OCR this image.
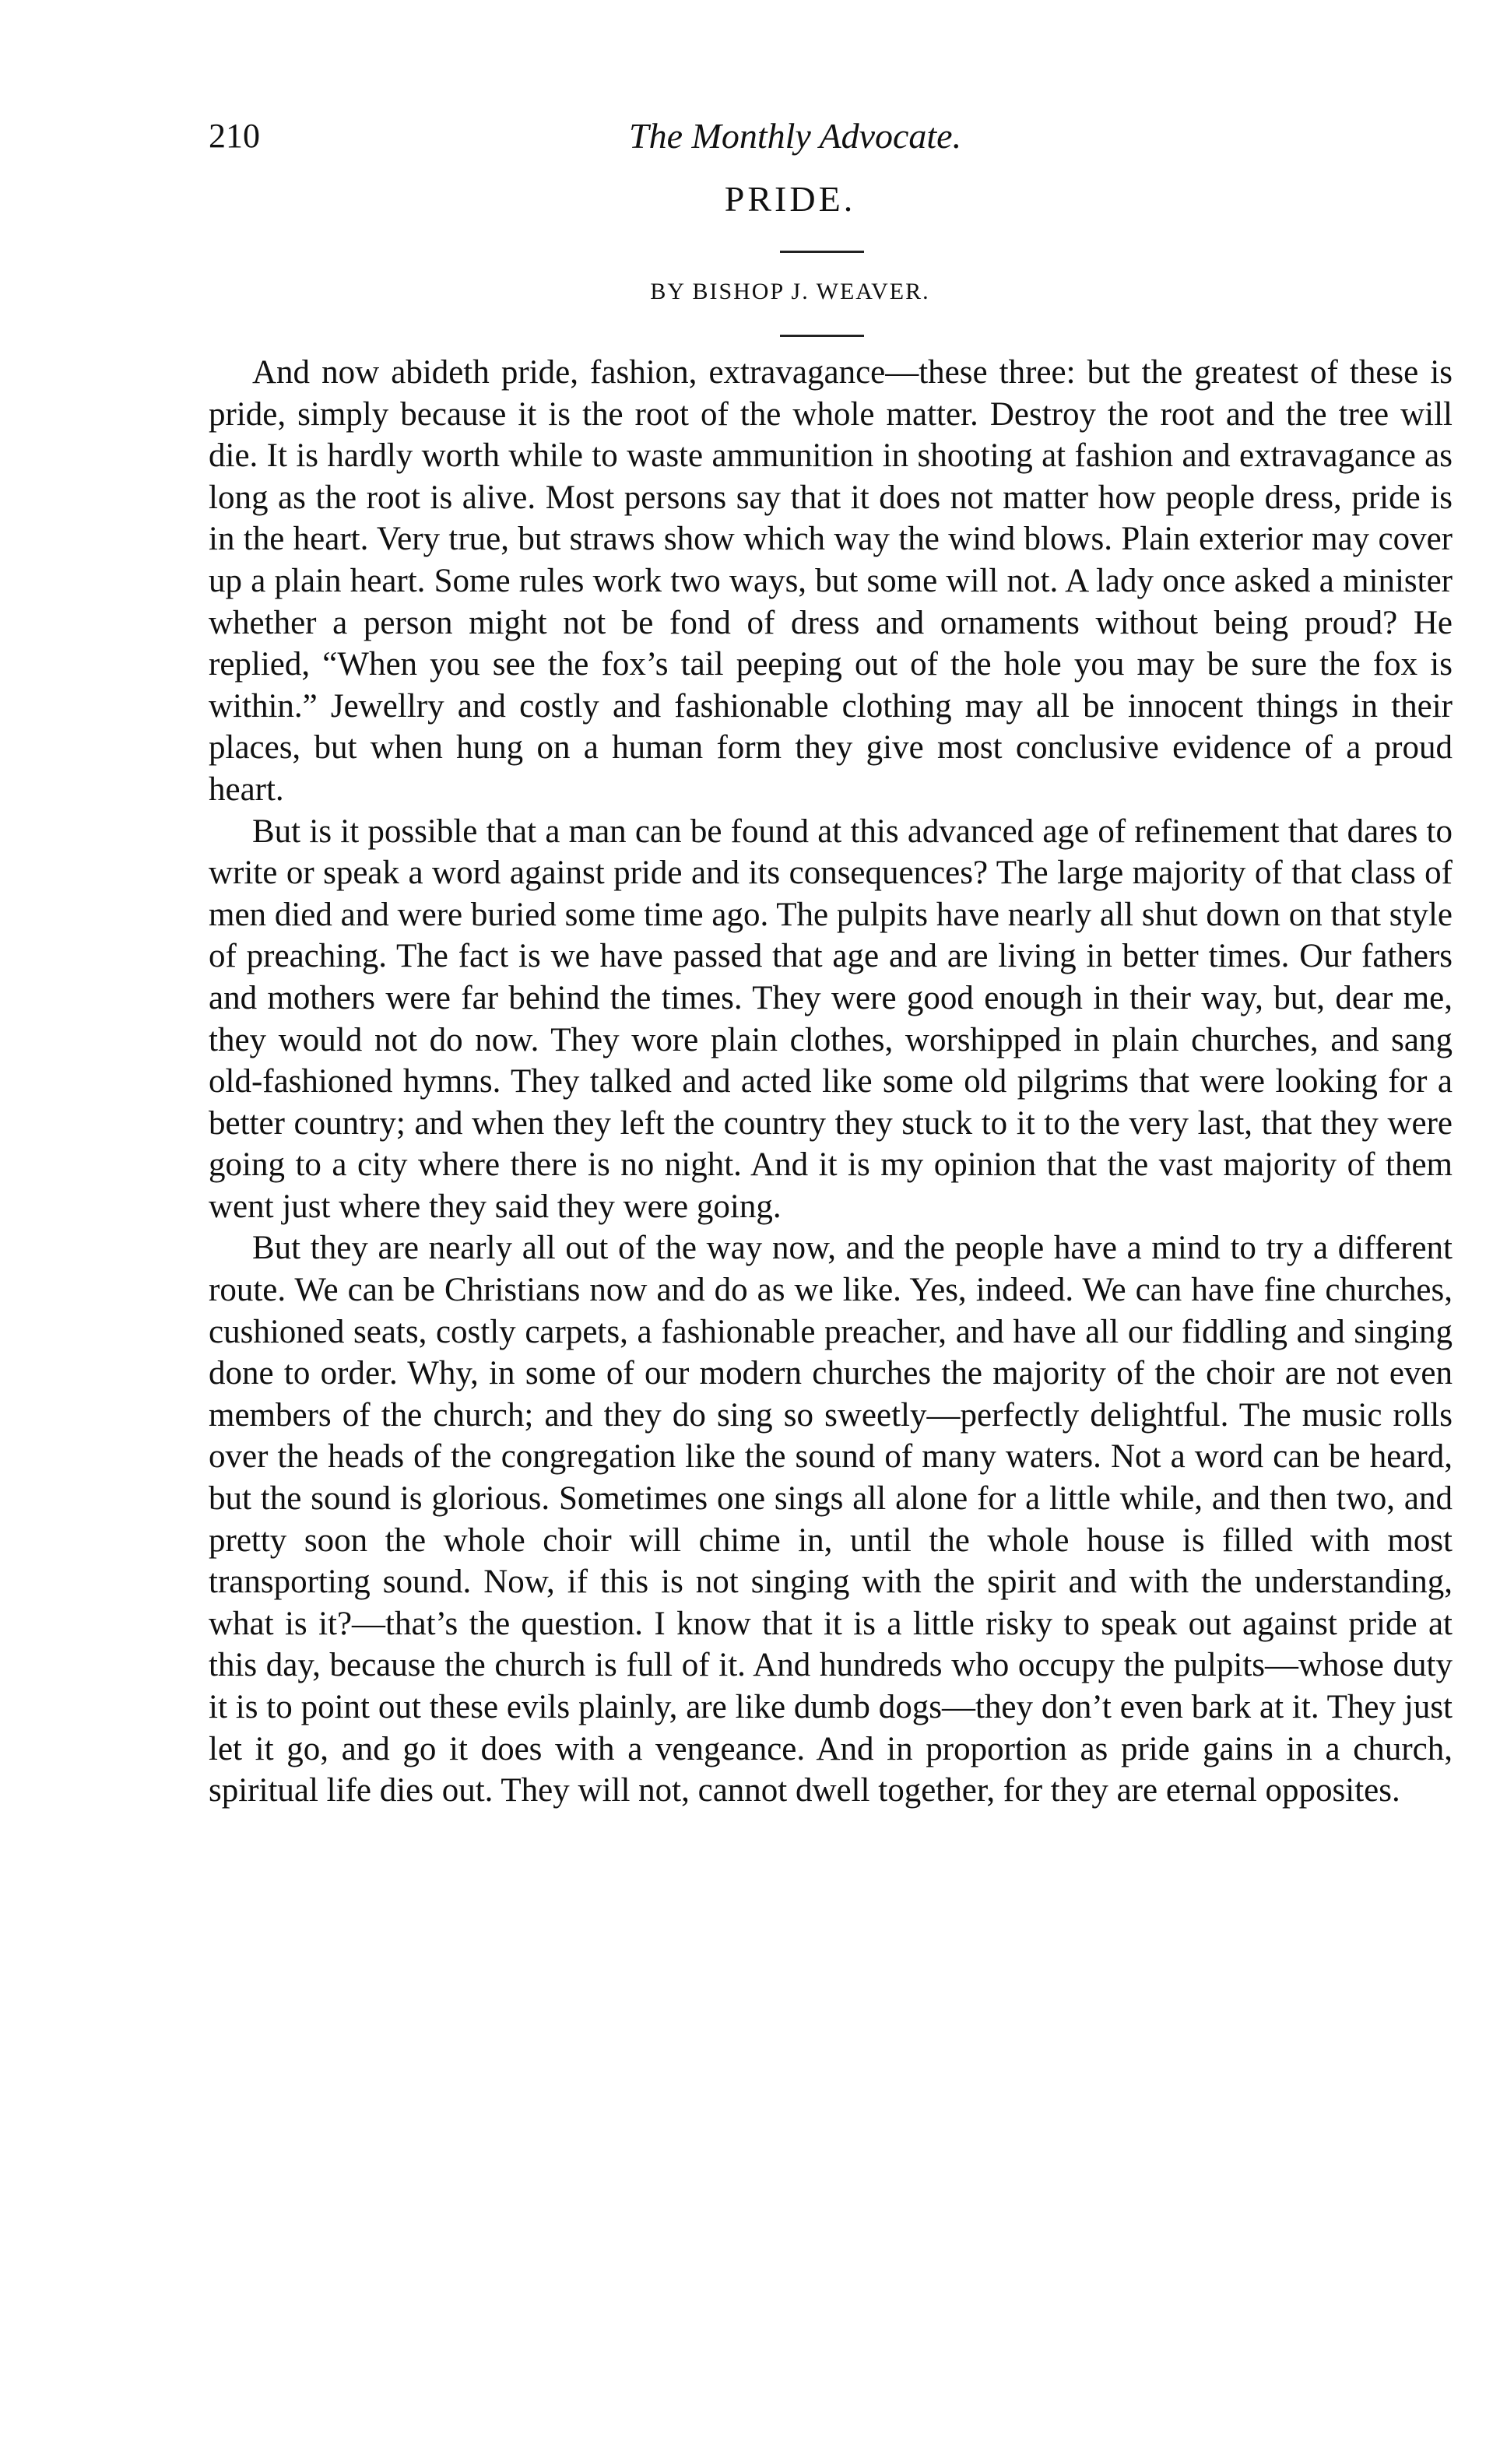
210	The Monthly Advocate.
PRIDE.
BY BISHOP J. WEAVER.

And now abideth pride, fashion, extravagance—these three: but the greatest of these is pride, simply because it is the root of the whole matter. Destroy the root and the tree will die. It is hardly worth while to waste ammunition in shooting at fashion and extravagance as long as the root is alive. Most persons say that it does not matter how people dress, pride is in the heart. Very true, but straws show which way the wind blows. Plain exterior may cover up a plain heart. Some rules work two ways, but some will not. A lady once asked a minister whether a person might not be fond of dress and ornaments without being proud? He replied, “When you see the fox’s tail peeping out of the hole you may be sure the fox is within.” Jewellry and costly and fashionable clothing may all be innocent things in their places, but when hung on a human form they give most conclusive evidence of a proud heart.

But is it possible that a man can be found at this advanced age of refinement that dares to write or speak a word against pride and its consequences? The large majority of that class of men died and were buried some time ago. The pulpits have nearly all shut down on that style of preaching. The fact is we have passed that age and are living in better times. Our fathers and mothers were far behind the times. They were good enough in their way, but, dear me, they would not do now. They wore plain clothes, worshipped in plain churches, and sang old-fashioned hymns. They talked and acted like some old pilgrims that were looking for a better country; and when they left the country they stuck to it to the very last, that they were going to a city where there is no night. And it is my opinion that the vast majority of them went just where they said they were going.

But they are nearly all out of the way now, and the people have a mind to try a different route. We can be Christians now and do as we like. Yes, indeed. We can have fine churches, cushioned seats, costly carpets, a fashionable preacher, and have all our fiddling and singing done to order. Why, in some of our modern churches the majority of the choir are not even members of the church; and they do sing so sweetly—perfectly delightful. The music rolls over the heads of the congregation like the sound of many waters. Not a word can be heard, but the sound is glorious. Sometimes one sings all alone for a little while, and then two, and pretty soon the whole choir will chime in, until the whole house is filled with most transporting sound. Now, if this is not singing with the spirit and with the understanding, what is it?—that’s the question. I know that it is a little risky to speak out against pride at this day, because the church is full of it. And hundreds who occupy the pulpits—whose duty it is to point out these evils plainly, are like dumb dogs—they don’t even bark at it. They just let it go, and go it does with a vengeance. And in proportion as pride gains in a church, spiritual life dies out. They will not, cannot dwell together, for they are eternal opposites.
